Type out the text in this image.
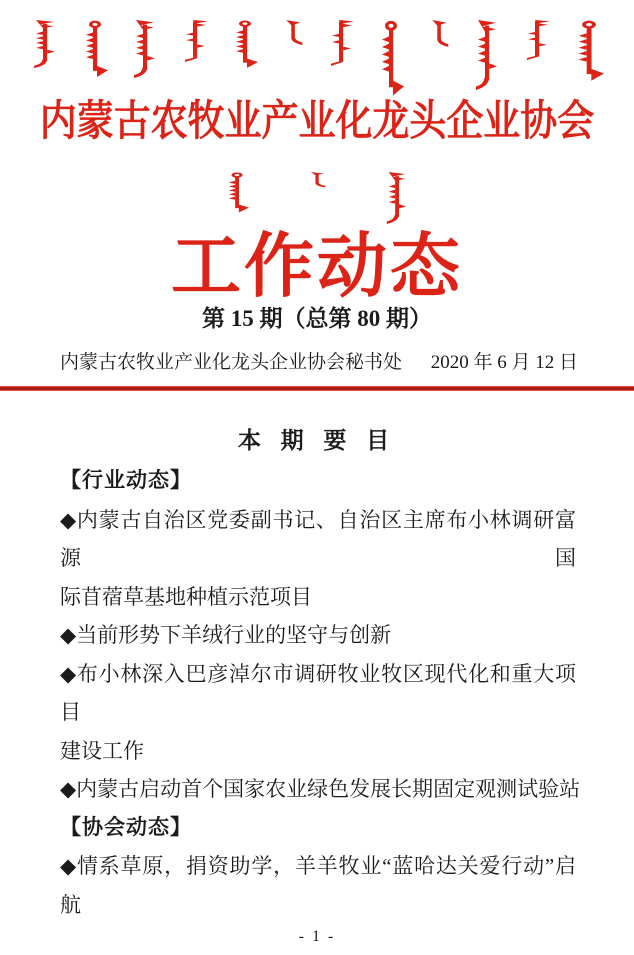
内蒙古农牧业产业化龙头企业协会
工作动态
第 15 期（总第 80 期）
内蒙古农牧业产业化龙头企业协会秘书处 2020 年 6 月 12 日
本 期 要 目
【行业动态】
◆内蒙古自治区党委副书记、自治区主席布小林调研富源国
际苜蓿草基地种植示范项目
◆当前形势下羊绒行业的坚守与创新
◆布小林深入巴彦淖尔市调研牧业牧区现代化和重大项目
建设工作
◆内蒙古启动首个国家农业绿色发展长期固定观测试验站
【协会动态】
◆情系草原，捐资助学，羊羊牧业“蓝哈达关爱行动”启航
- 1 -
